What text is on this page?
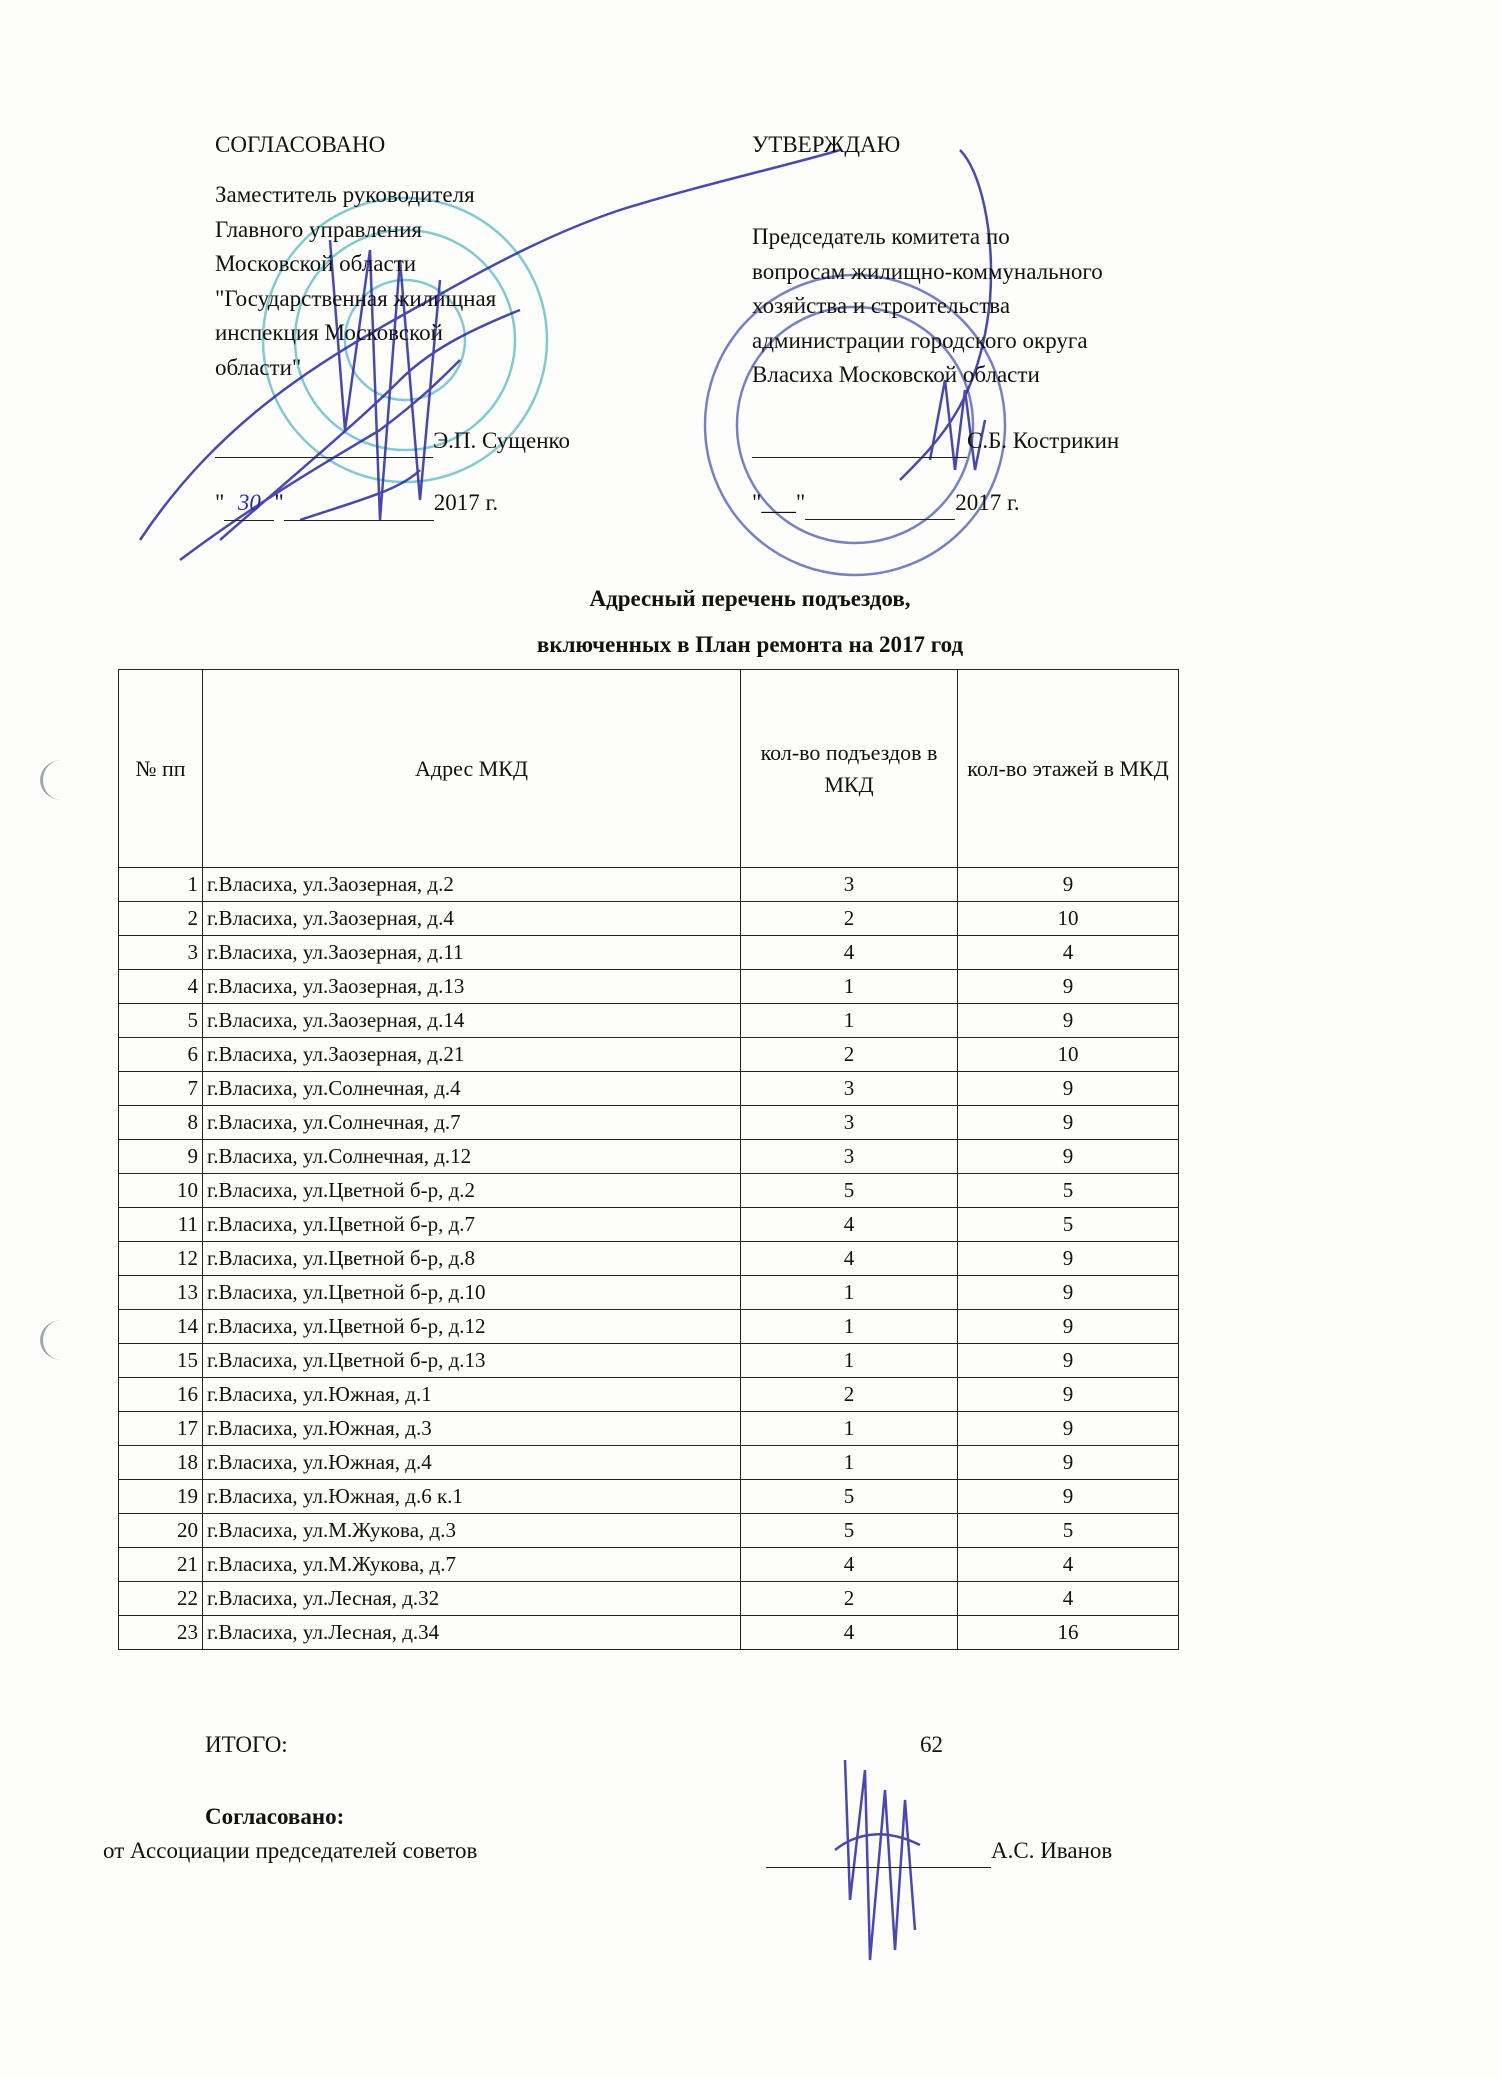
СОГЛАСОВАНО
Заместитель руководителя
Главного управления
Московской области
"Государственная жилищная
инспекция Московской
области"
Э.П. Сущенко
" 30 "	2017 г.
УТВЕРЖДАЮ
Председатель комитета по
вопросам жилищно-коммунального
хозяйства и строительства
администрации городского округа
Власиха Московской области
С.Б. Кострикин
"___"	2017 г.
Адресный перечень подъездов,
включенных в План ремонта на 2017 год
№ пп	Адрес МКД	кол-во подъездов в МКД	кол-во этажей в МКД
1	г.Власиха, ул.Заозерная, д.2	3	9
2	г.Власиха, ул.Заозерная, д.4	2	10
3	г.Власиха, ул.Заозерная, д.11	4	4
4	г.Власиха, ул.Заозерная, д.13	1	9
5	г.Власиха, ул.Заозерная, д.14	1	9
6	г.Власиха, ул.Заозерная, д.21	2	10
7	г.Власиха, ул.Солнечная, д.4	3	9
8	г.Власиха, ул.Солнечная, д.7	3	9
9	г.Власиха, ул.Солнечная, д.12	3	9
10	г.Власиха, ул.Цветной б-р, д.2	5	5
11	г.Власиха, ул.Цветной б-р, д.7	4	5
12	г.Власиха, ул.Цветной б-р, д.8	4	9
13	г.Власиха, ул.Цветной б-р, д.10	1	9
14	г.Власиха, ул.Цветной б-р, д.12	1	9
15	г.Власиха, ул.Цветной б-р, д.13	1	9
16	г.Власиха, ул.Южная, д.1	2	9
17	г.Власиха, ул.Южная, д.3	1	9
18	г.Власиха, ул.Южная, д.4	1	9
19	г.Власиха, ул.Южная, д.6 к.1	5	9
20	г.Власиха, ул.М.Жукова, д.3	5	5
21	г.Власиха, ул.М.Жукова, д.7	4	4
22	г.Власиха, ул.Лесная, д.32	2	4
23	г.Власиха, ул.Лесная, д.34	4	16
ИТОГО:	62
Согласовано:
от Ассоциации председателей советов	А.С. Иванов
